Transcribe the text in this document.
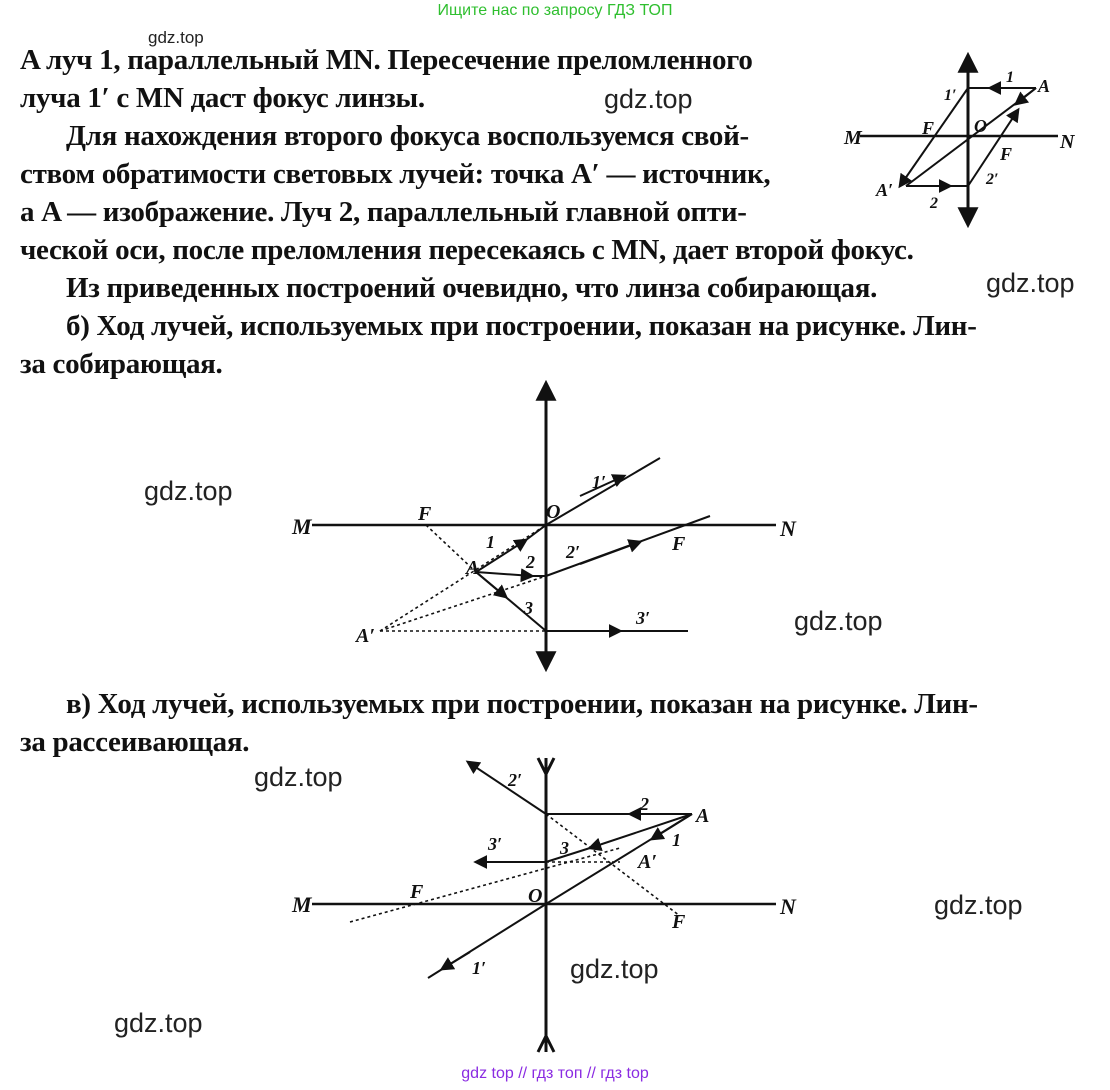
Ищите нас по запросу ГДЗ ТОП
gdz.top
gdz.top
gdz.top
gdz.top
gdz.top
gdz.top
gdz.top
gdz.top
gdz.top
A луч 1, параллельный MN. Пересечение преломленного
луча 1′ с MN даст фокус линзы.
Для нахождения второго фокуса воспользуемся свой-
ством обратимости световых лучей: точка A′ — источник,
а A — изображение. Луч 2, параллельный главной опти-
ческой оси, после преломления пересекаясь с MN, дает второй фокус.
Из приведенных построений очевидно, что линза собирающая.
б) Ход лучей, используемых при построении, показан на рисунке. Лин-
за собирающая.
в) Ход лучей, используемых при построении, показан на рисунке. Лин-
за рассеивающая.
M	N
O
F
F
A
A′
1
1′
2
2′
M	N
O
F
F
A
A′
1
1′
2 2′
3	3′
M	N
O
F
F
A
A′
1
1′
2
2′
3
3′
gdz top // гдз топ // гдз top
